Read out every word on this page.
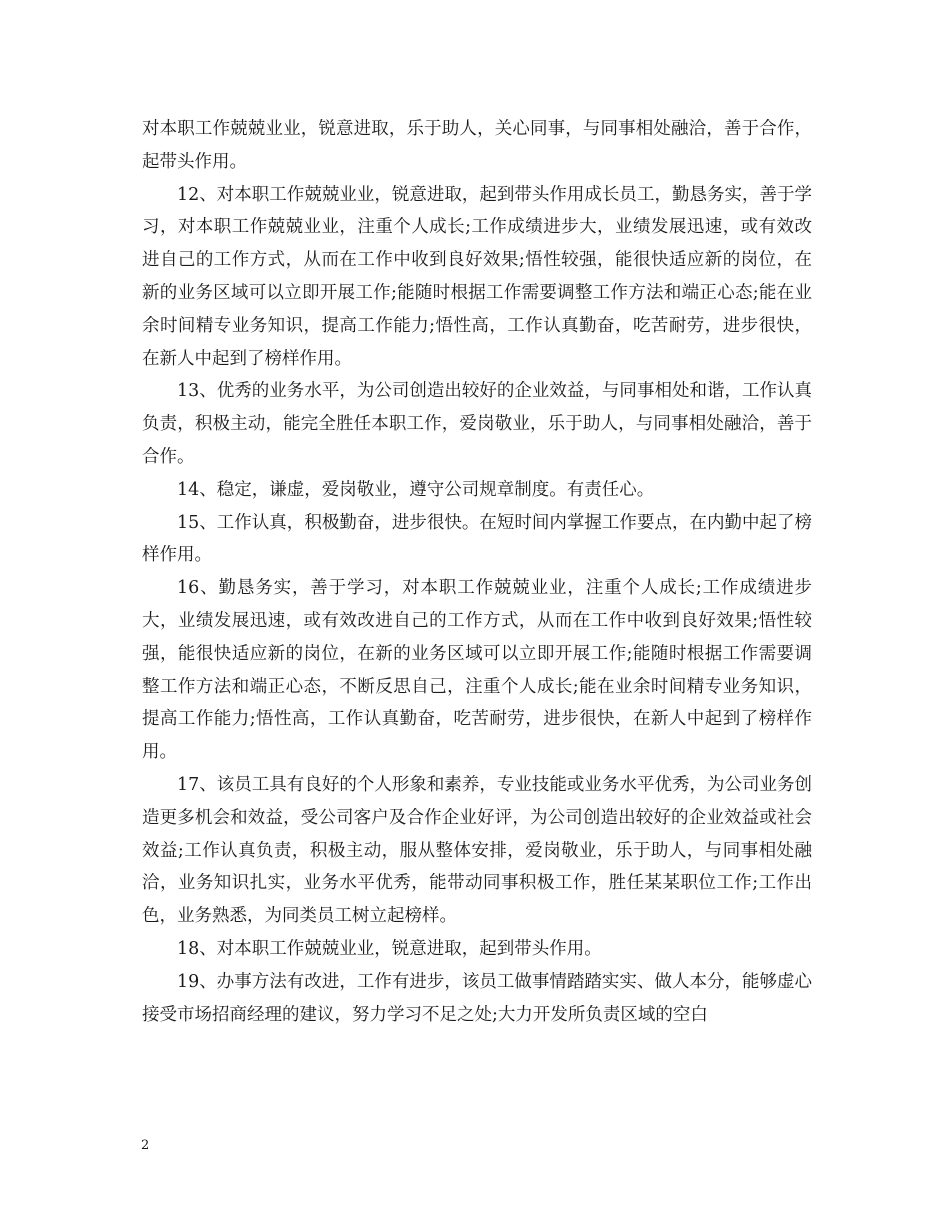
对本职工作兢兢业业，锐意进取，乐于助人，关心同事，与同事相处融洽，善于合作，起带头作用。

12、对本职工作兢兢业业，锐意进取，起到带头作用成长员工，勤恳务实，善于学习，对本职工作兢兢业业，注重个人成长;工作成绩进步大，业绩发展迅速，或有效改进自己的工作方式，从而在工作中收到良好效果;悟性较强，能很快适应新的岗位，在新的业务区域可以立即开展工作;能随时根据工作需要调整工作方法和端正心态;能在业余时间精专业务知识，提高工作能力;悟性高，工作认真勤奋，吃苦耐劳，进步很快，在新人中起到了榜样作用。

13、优秀的业务水平，为公司创造出较好的企业效益，与同事相处和谐，工作认真负责，积极主动，能完全胜任本职工作，爱岗敬业，乐于助人，与同事相处融洽，善于合作。

14、稳定，谦虚，爱岗敬业，遵守公司规章制度。有责任心。

15、工作认真，积极勤奋，进步很快。在短时间内掌握工作要点，在内勤中起了榜样作用。

16、勤恳务实，善于学习，对本职工作兢兢业业，注重个人成长;工作成绩进步大，业绩发展迅速，或有效改进自己的工作方式，从而在工作中收到良好效果;悟性较强，能很快适应新的岗位，在新的业务区域可以立即开展工作;能随时根据工作需要调整工作方法和端正心态，不断反思自己，注重个人成长;能在业余时间精专业务知识，提高工作能力;悟性高，工作认真勤奋，吃苦耐劳，进步很快，在新人中起到了榜样作用。

17、该员工具有良好的个人形象和素养，专业技能或业务水平优秀，为公司业务创造更多机会和效益，受公司客户及合作企业好评，为公司创造出较好的企业效益或社会效益;工作认真负责，积极主动，服从整体安排，爱岗敬业，乐于助人，与同事相处融洽，业务知识扎实，业务水平优秀，能带动同事积极工作，胜任某某职位工作;工作出色，业务熟悉，为同类员工树立起榜样。

18、对本职工作兢兢业业，锐意进取，起到带头作用。

19、办事方法有改进，工作有进步，该员工做事情踏踏实实、做人本分，能够虚心接受市场招商经理的建议，努力学习不足之处;大力开发所负责区域的空白

2
